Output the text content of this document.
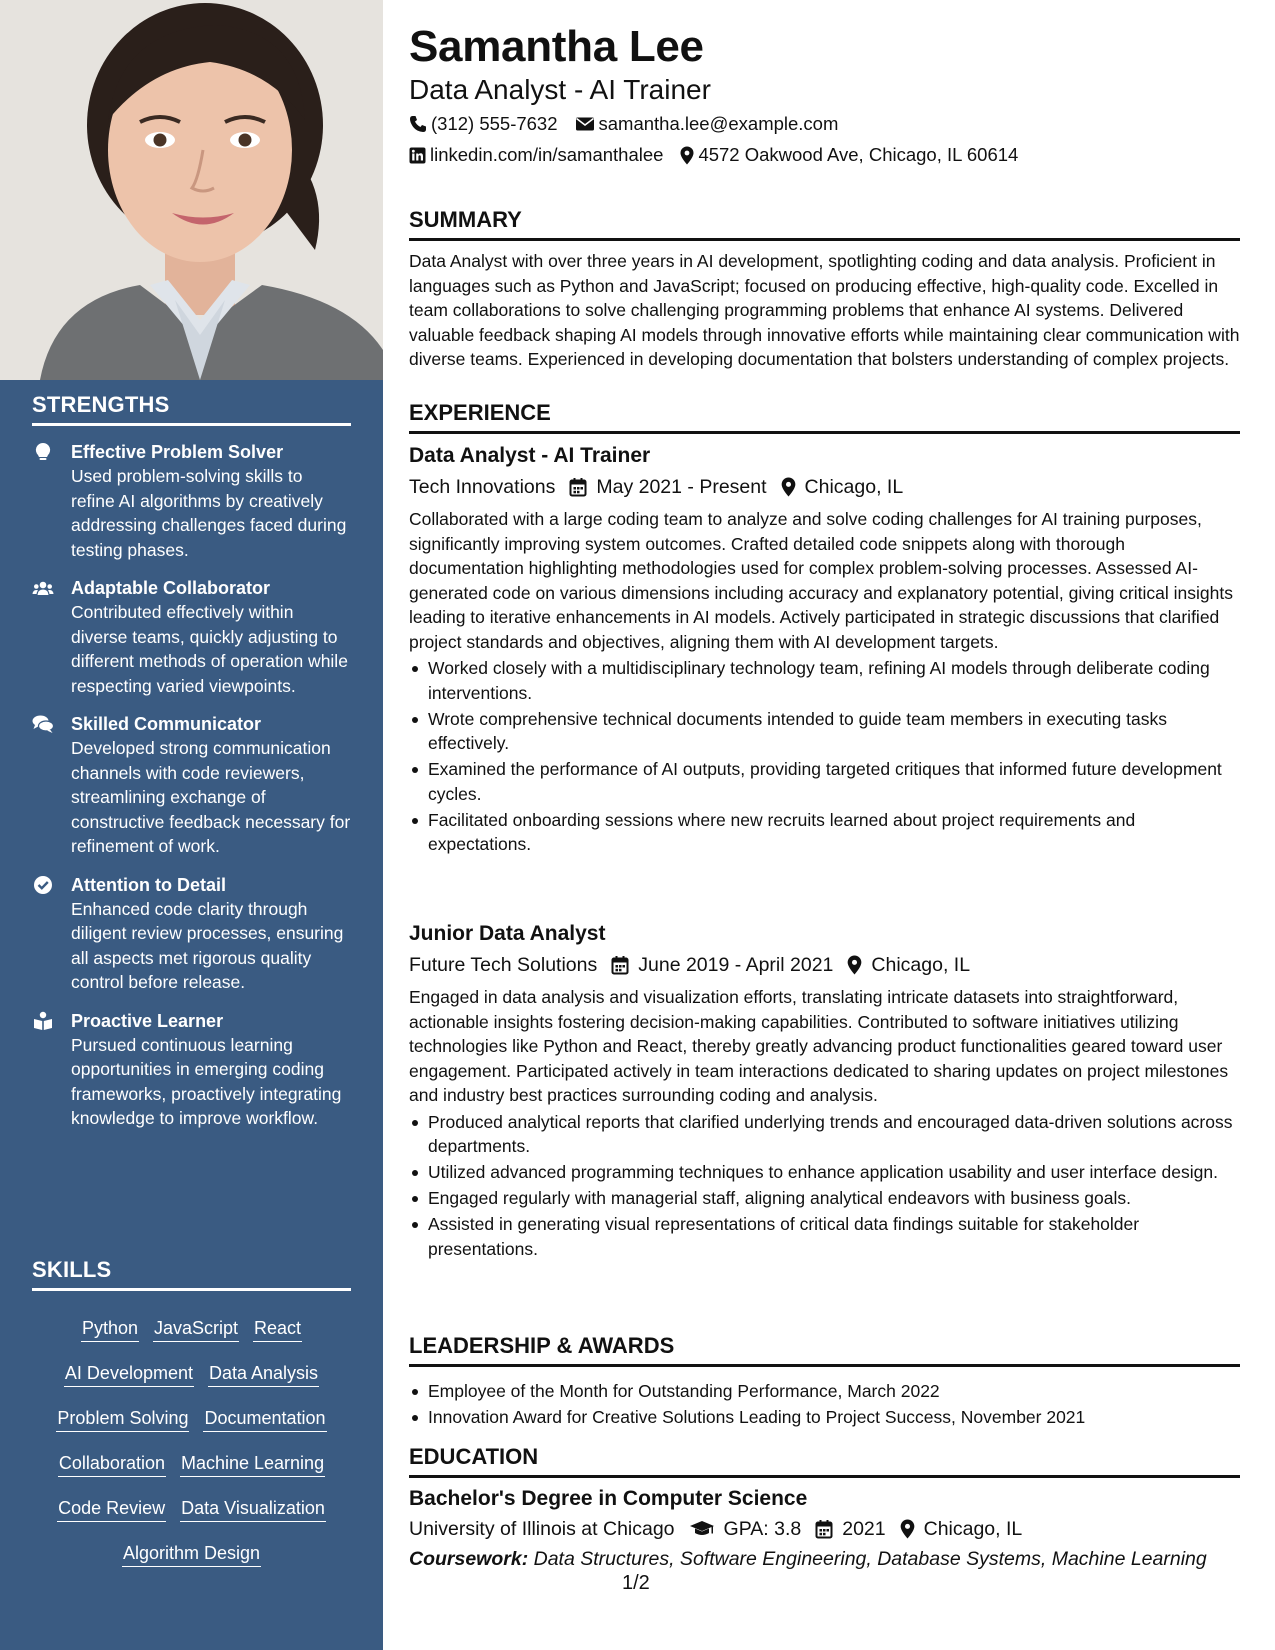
STRENGTHS
Effective Problem Solver
Used problem-solving skills to refine AI algorithms by creatively addressing challenges faced during testing phases.
Adaptable Collaborator
Contributed effectively within diverse teams, quickly adjusting to different methods of operation while respecting varied viewpoints.
Skilled Communicator
Developed strong communication channels with code reviewers, streamlining exchange of constructive feedback necessary for refinement of work.
Attention to Detail
Enhanced code clarity through diligent review processes, ensuring all aspects met rigorous quality control before release.
Proactive Learner
Pursued continuous learning opportunities in emerging coding frameworks, proactively integrating knowledge to improve workflow.
SKILLS
Python JavaScript React
AI Development Data Analysis
Problem Solving Documentation
Collaboration Machine Learning
Code Review Data Visualization
Algorithm Design
Samantha Lee
Data Analyst - AI Trainer
(312) 555-7632 samantha.lee@example.com
linkedin.com/in/samanthalee 4572 Oakwood Ave, Chicago, IL 60614
SUMMARY
Data Analyst with over three years in AI development, spotlighting coding and data analysis. Proficient in languages such as Python and JavaScript; focused on producing effective, high-quality code. Excelled in team collaborations to solve challenging programming problems that enhance AI systems. Delivered valuable feedback shaping AI models through innovative efforts while maintaining clear communication with diverse teams. Experienced in developing documentation that bolsters understanding of complex projects.
EXPERIENCE
Data Analyst - AI Trainer
Tech Innovations May 2021 - Present Chicago, IL
Collaborated with a large coding team to analyze and solve coding challenges for AI training purposes, significantly improving system outcomes. Crafted detailed code snippets along with thorough documentation highlighting methodologies used for complex problem-solving processes. Assessed AI-generated code on various dimensions including accuracy and explanatory potential, giving critical insights leading to iterative enhancements in AI models. Actively participated in strategic discussions that clarified project standards and objectives, aligning them with AI development targets.
Worked closely with a multidisciplinary technology team, refining AI models through deliberate coding interventions.
Wrote comprehensive technical documents intended to guide team members in executing tasks effectively.
Examined the performance of AI outputs, providing targeted critiques that informed future development cycles.
Facilitated onboarding sessions where new recruits learned about project requirements and expectations.
Junior Data Analyst
Future Tech Solutions June 2019 - April 2021 Chicago, IL
Engaged in data analysis and visualization efforts, translating intricate datasets into straightforward, actionable insights fostering decision-making capabilities. Contributed to software initiatives utilizing technologies like Python and React, thereby greatly advancing product functionalities geared toward user engagement. Participated actively in team interactions dedicated to sharing updates on project milestones and industry best practices surrounding coding and analysis.
Produced analytical reports that clarified underlying trends and encouraged data-driven solutions across departments.
Utilized advanced programming techniques to enhance application usability and user interface design.
Engaged regularly with managerial staff, aligning analytical endeavors with business goals.
Assisted in generating visual representations of critical data findings suitable for stakeholder presentations.
LEADERSHIP & AWARDS
Employee of the Month for Outstanding Performance, March 2022
Innovation Award for Creative Solutions Leading to Project Success, November 2021
EDUCATION
Bachelor's Degree in Computer Science
University of Illinois at Chicago	GPA: 3.8 2021 Chicago, IL
Coursework: Data Structures, Software Engineering, Database Systems, Machine Learning
1/2
